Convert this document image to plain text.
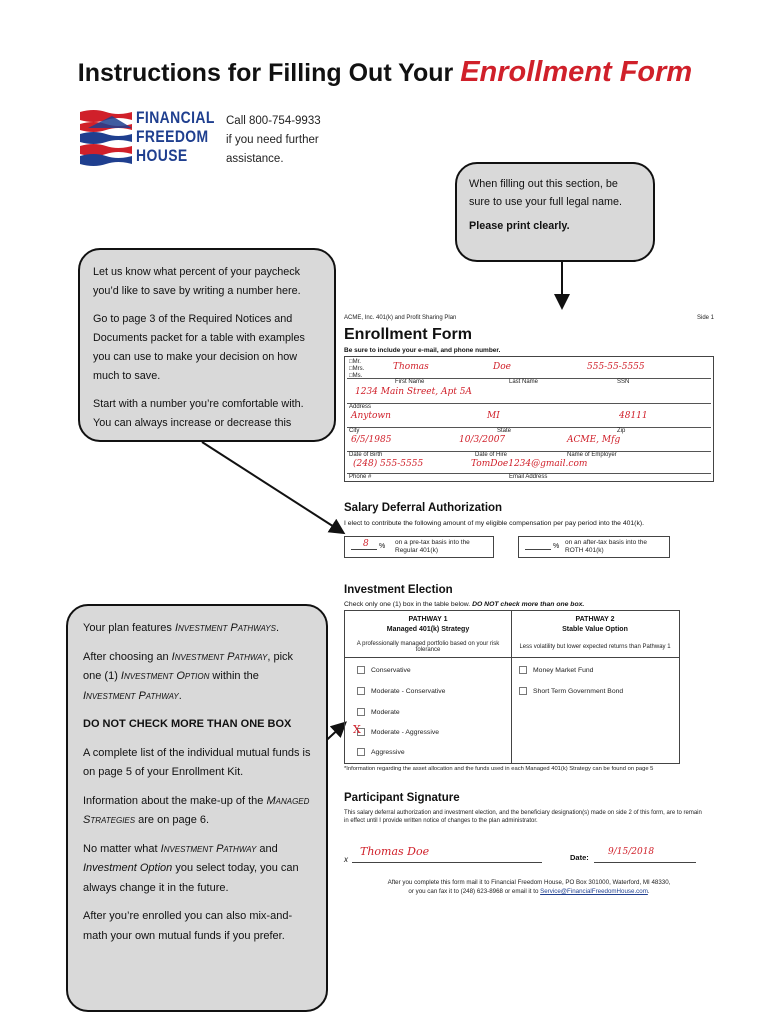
Instructions for Filling Out Your Enrollment Form
FINANCIAL
FREEDOM
HOUSE
Call 800-754-9933
if you need further
assistance.

When filling out this section, be sure to use your full legal name.

Please print clearly.

Let us know what percent of your paycheck you’d like to save by writing a number here.

Go to page 3 of the Required Notices and Documents packet for a table with examples you can use to make your decision on how much to save.

Start with a number you’re comfortable with. You can always increase or decrease this

Your plan features Investment Pathways.

After choosing an Investment Pathway, pick one (1) Investment Option within the Investment Pathway.

DO NOT CHECK MORE THAN ONE BOX

A complete list of the individual mutual funds is on page 5 of your Enrollment Kit.

Information about the make-up of the Managed Strategies are on page 6.

No matter what Investment Pathway and Investment Option you select today, you can always change it in the future.

After you’re enrolled you can also mix-and-math your own mutual funds if you prefer.

ACME, Inc. 401(k) and Profit Sharing Plan	Side 1
Enrollment Form
Be sure to include your e-mail, and phone number.
□Mr.
□Mrs.
□Ms.
Thomas	Doe	555-55-5555
First Name	Last Name	SSN
1234 Main Street, Apt 5A
Address
Anytown	MI	48111
City	State	Zip
6/5/1985	10/3/2007	ACME, Mfg
Date of Birth	Date of Hire	Name of Employer
(248) 555-5555	TomDoe1234@gmail.com
Phone #	Email Address
Salary Deferral Authorization
I elect to contribute the following amount of my eligible compensation per pay period into the 401(k).
8 %
on a pre-tax basis into the Regular 401(k)
%
on an after-tax basis into the ROTH 401(k)
Investment Election
Check only one (1) box in the table below. DO NOT check more than one box.
PATHWAY 1
Managed 401(k) Strategy
A professionally managed portfolio based on your risk tolerance
PATHWAY 2
Stable Value Option
Less volatility but lower expected returns than Pathway 1
Conservative
Moderate - Conservative
Moderate
Moderate - Aggressive
X
Aggressive
Money Market Fund
Short Term Government Bond
*Information regarding the asset allocation and the funds used in each Managed 401(k) Strategy can be found on page 5
Participant Signature
This salary deferral authorization and investment election, and the beneficiary designation(s) made on side 2 of this form, are to remain in effect until I provide written notice of changes to the plan administrator.
x
Thomas Doe	Date:
9/15/2018
After you complete this form mail it to Financial Freedom House, PO Box 301000, Waterford, MI 48330,
or you can fax it to (248) 623-8968 or email it to Service@FinancialFreedomHouse.com.
